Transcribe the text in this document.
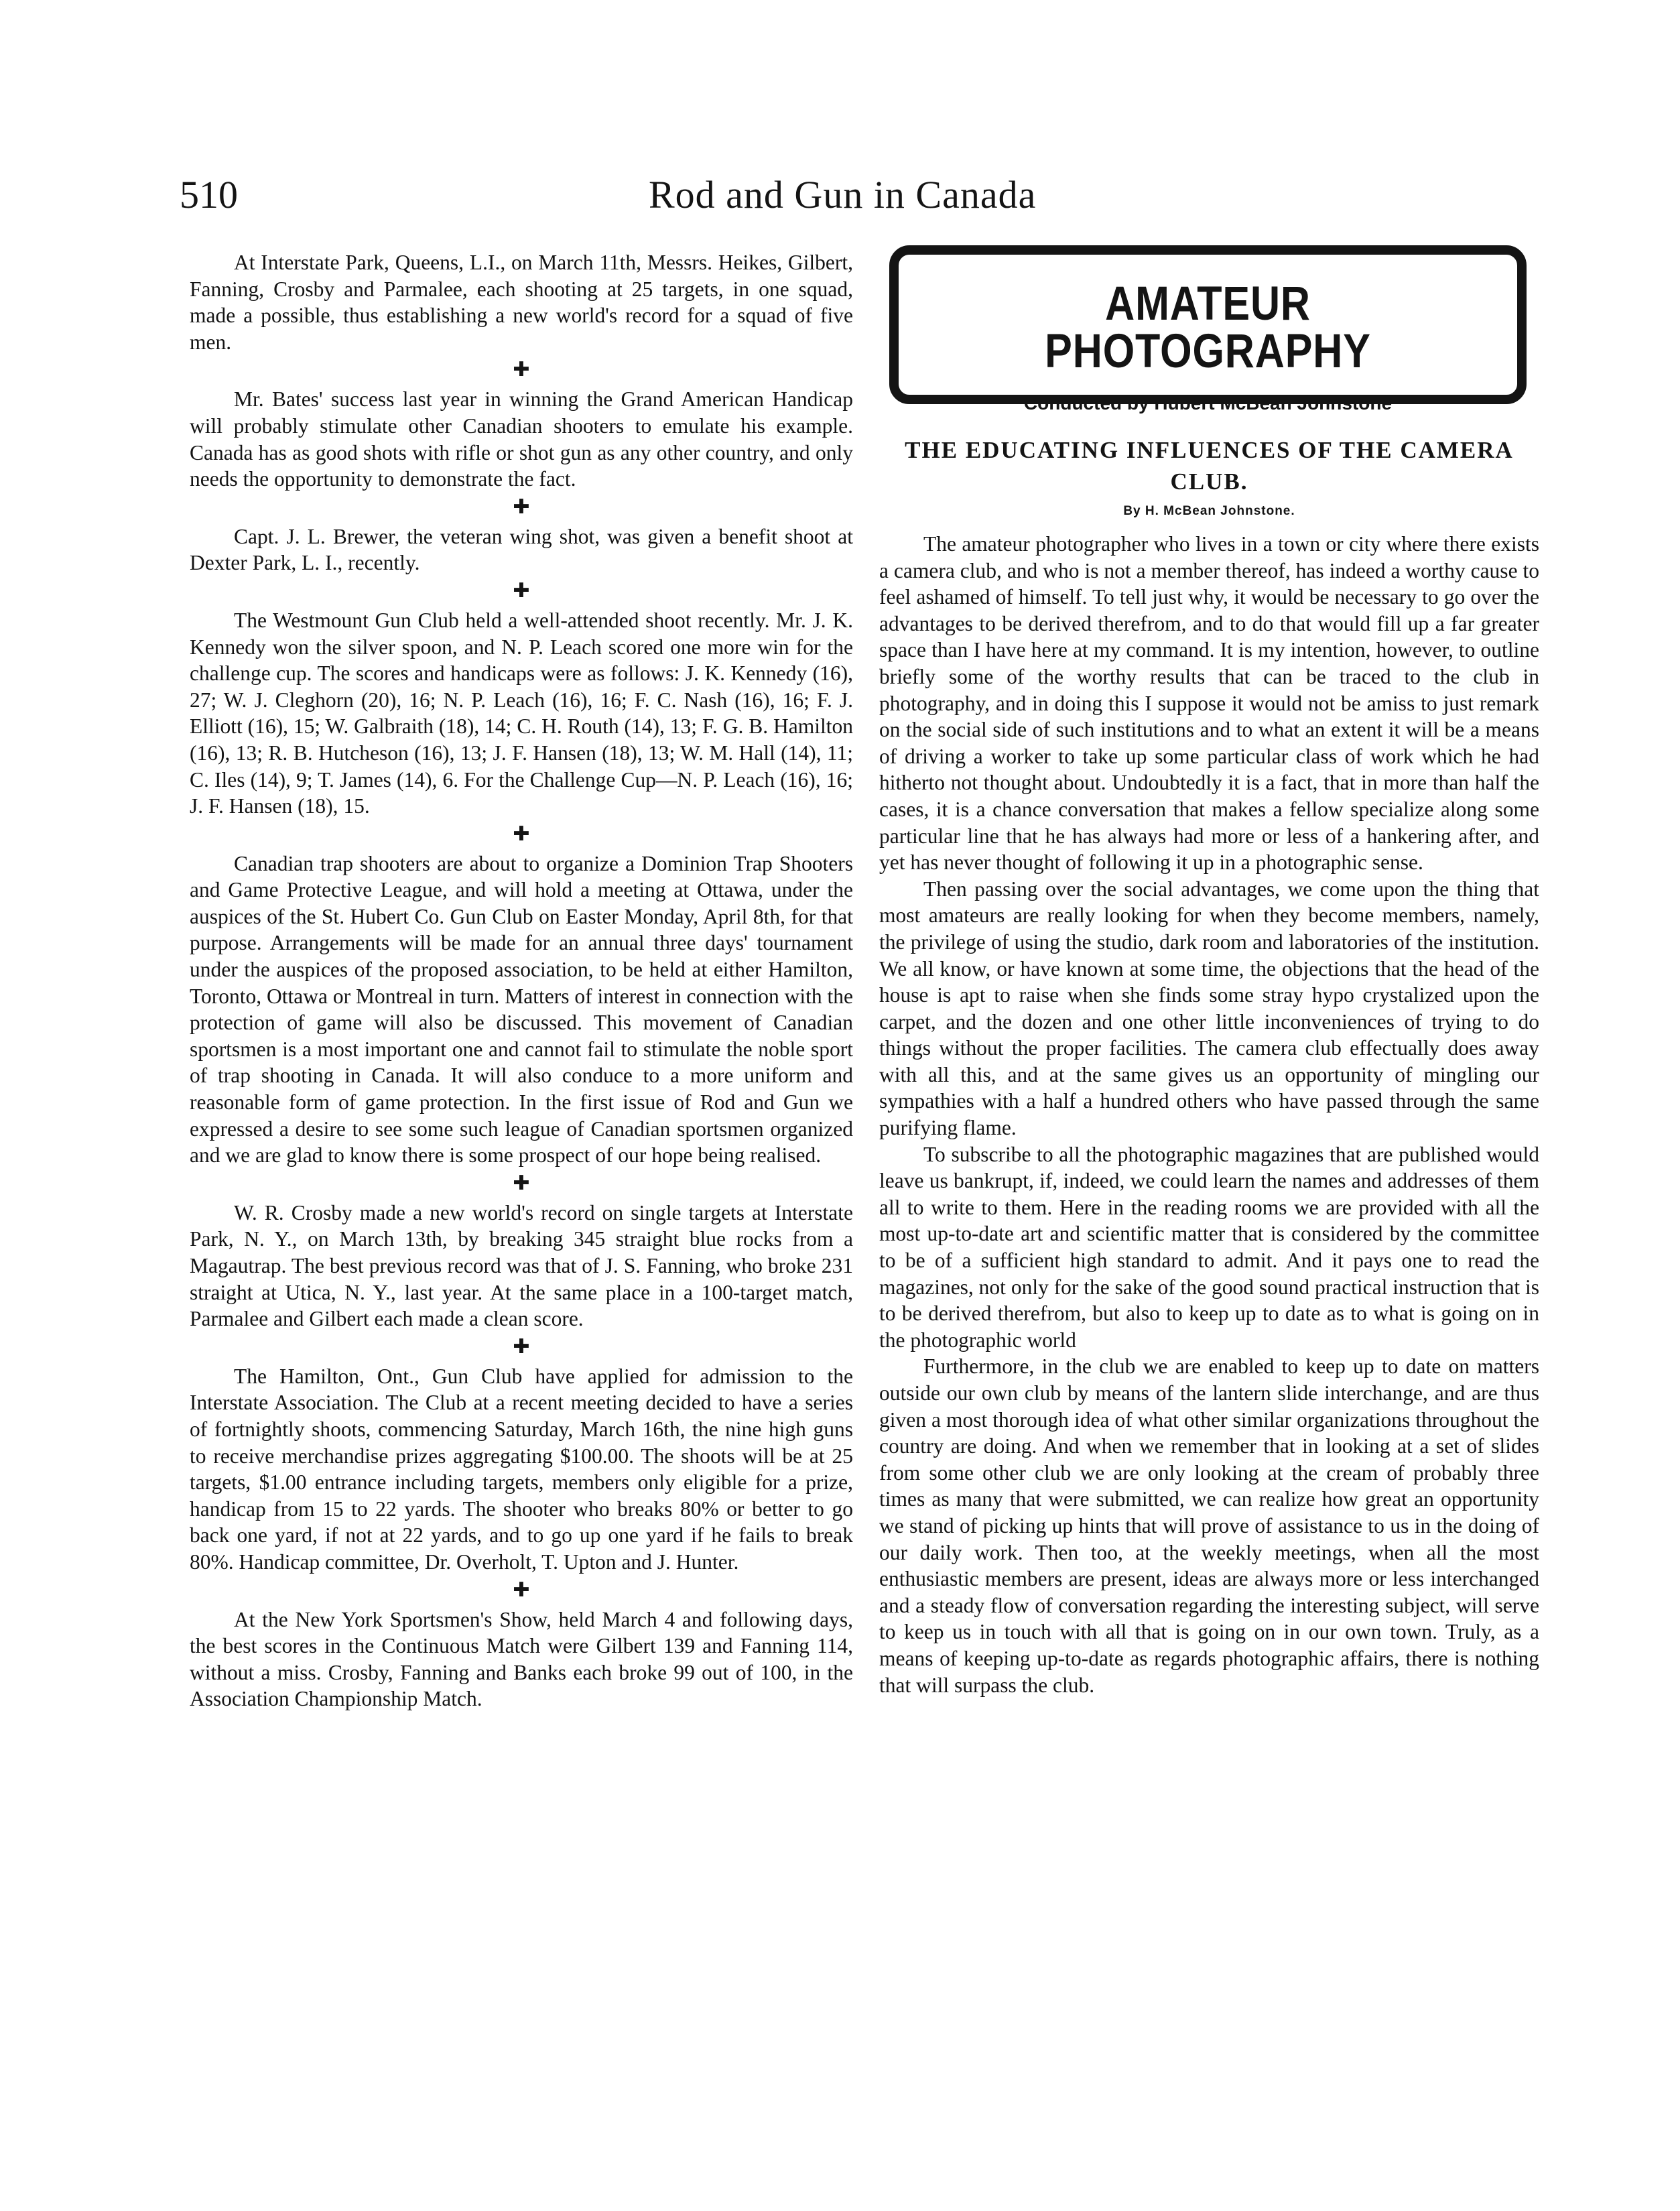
510	Rod and Gun in Canada

At Interstate Park, Queens, L.I., on March 11th, Messrs. Heikes, Gilbert, Fanning, Crosby and Parmalee, each shooting at 25 targets, in one squad, made a possible, thus establishing a new world's record for a squad of five men.

✚

Mr. Bates' success last year in winning the Grand American Handicap will probably stimulate other Canadian shooters to emulate his example. Canada has as good shots with rifle or shot gun as any other country, and only needs the opportunity to demonstrate the fact.

✚

Capt. J. L. Brewer, the veteran wing shot, was given a benefit shoot at Dexter Park, L. I., recently.

✚

The Westmount Gun Club held a well-attended shoot recently. Mr. J. K. Kennedy won the silver spoon, and N. P. Leach scored one more win for the challenge cup. The scores and handicaps were as follows: J. K. Kennedy (16), 27; W. J. Cleghorn (20), 16; N. P. Leach (16), 16; F. C. Nash (16), 16; F. J. Elliott (16), 15; W. Galbraith (18), 14; C. H. Routh (14), 13; F. G. B. Hamilton (16), 13; R. B. Hutcheson (16), 13; J. F. Hansen (18), 13; W. M. Hall (14), 11; C. Iles (14), 9; T. James (14), 6. For the Challenge Cup—N. P. Leach (16), 16; J. F. Hansen (18), 15.

✚

Canadian trap shooters are about to organize a Dominion Trap Shooters and Game Protective League, and will hold a meeting at Ottawa, under the auspices of the St. Hubert Co. Gun Club on Easter Monday, April 8th, for that purpose. Arrangements will be made for an annual three days' tournament under the auspices of the proposed association, to be held at either Hamilton, Toronto, Ottawa or Montreal in turn. Matters of interest in connection with the protection of game will also be discussed. This movement of Canadian sportsmen is a most important one and cannot fail to stimulate the noble sport of trap shooting in Canada. It will also conduce to a more uniform and reasonable form of game protection. In the first issue of Rod and Gun we expressed a desire to see some such league of Canadian sportsmen organized and we are glad to know there is some prospect of our hope being realised.

✚

W. R. Crosby made a new world's record on single targets at Interstate Park, N. Y., on March 13th, by breaking 345 straight blue rocks from a Magautrap. The best previous record was that of J. S. Fanning, who broke 231 straight at Utica, N. Y., last year. At the same place in a 100-target match, Parmalee and Gilbert each made a clean score.

✚

The Hamilton, Ont., Gun Club have applied for admission to the Interstate Association. The Club at a recent meeting decided to have a series of fortnightly shoots, commencing Saturday, March 16th, the nine high guns to receive merchandise prizes aggregating $100.00. The shoots will be at 25 targets, $1.00 entrance including targets, members only eligible for a prize, handicap from 15 to 22 yards. The shooter who breaks 80% or better to go back one yard, if not at 22 yards, and to go up one yard if he fails to break 80%. Handicap committee, Dr. Overholt, T. Upton and J. Hunter.

✚

At the New York Sportsmen's Show, held March 4 and following days, the best scores in the Continuous Match were Gilbert 139 and Fanning 114, without a miss. Crosby, Fanning and Banks each broke 99 out of 100, in the Association Championship Match.

AMATEUR PHOTOGRAPHY
Conducted by Hubert McBean Johnstone
THE EDUCATING INFLUENCES OF THE CAMERA CLUB.
By H. McBean Johnstone.

The amateur photographer who lives in a town or city where there exists a camera club, and who is not a member thereof, has indeed a worthy cause to feel ashamed of himself. To tell just why, it would be necessary to go over the advantages to be derived therefrom, and to do that would fill up a far greater space than I have here at my command. It is my intention, however, to outline briefly some of the worthy results that can be traced to the club in photography, and in doing this I suppose it would not be amiss to just remark on the social side of such institutions and to what an extent it will be a means of driving a worker to take up some particular class of work which he had hitherto not thought about. Undoubtedly it is a fact, that in more than half the cases, it is a chance conversation that makes a fellow specialize along some particular line that he has always had more or less of a hankering after, and yet has never thought of following it up in a photographic sense.

Then passing over the social advantages, we come upon the thing that most amateurs are really looking for when they become members, namely, the privilege of using the studio, dark room and laboratories of the institution. We all know, or have known at some time, the objections that the head of the house is apt to raise when she finds some stray hypo crystalized upon the carpet, and the dozen and one other little inconveniences of trying to do things without the proper facilities. The camera club effectually does away with all this, and at the same gives us an opportunity of mingling our sympathies with a half a hundred others who have passed through the same purifying flame.

To subscribe to all the photographic magazines that are published would leave us bankrupt, if, indeed, we could learn the names and addresses of them all to write to them. Here in the reading rooms we are provided with all the most up-to-date art and scientific matter that is considered by the committee to be of a sufficient high standard to admit. And it pays one to read the magazines, not only for the sake of the good sound practical instruction that is to be derived therefrom, but also to keep up to date as to what is going on in the photographic world

Furthermore, in the club we are enabled to keep up to date on matters outside our own club by means of the lantern slide interchange, and are thus given a most thorough idea of what other similar organizations throughout the country are doing. And when we remember that in looking at a set of slides from some other club we are only looking at the cream of probably three times as many that were submitted, we can realize how great an opportunity we stand of picking up hints that will prove of assistance to us in the doing of our daily work. Then too, at the weekly meetings, when all the most enthusiastic members are present, ideas are always more or less interchanged and a steady flow of conversation regarding the interesting subject, will serve to keep us in touch with all that is going on in our own town. Truly, as a means of keeping up-to-date as regards photographic affairs, there is nothing that will surpass the club.
